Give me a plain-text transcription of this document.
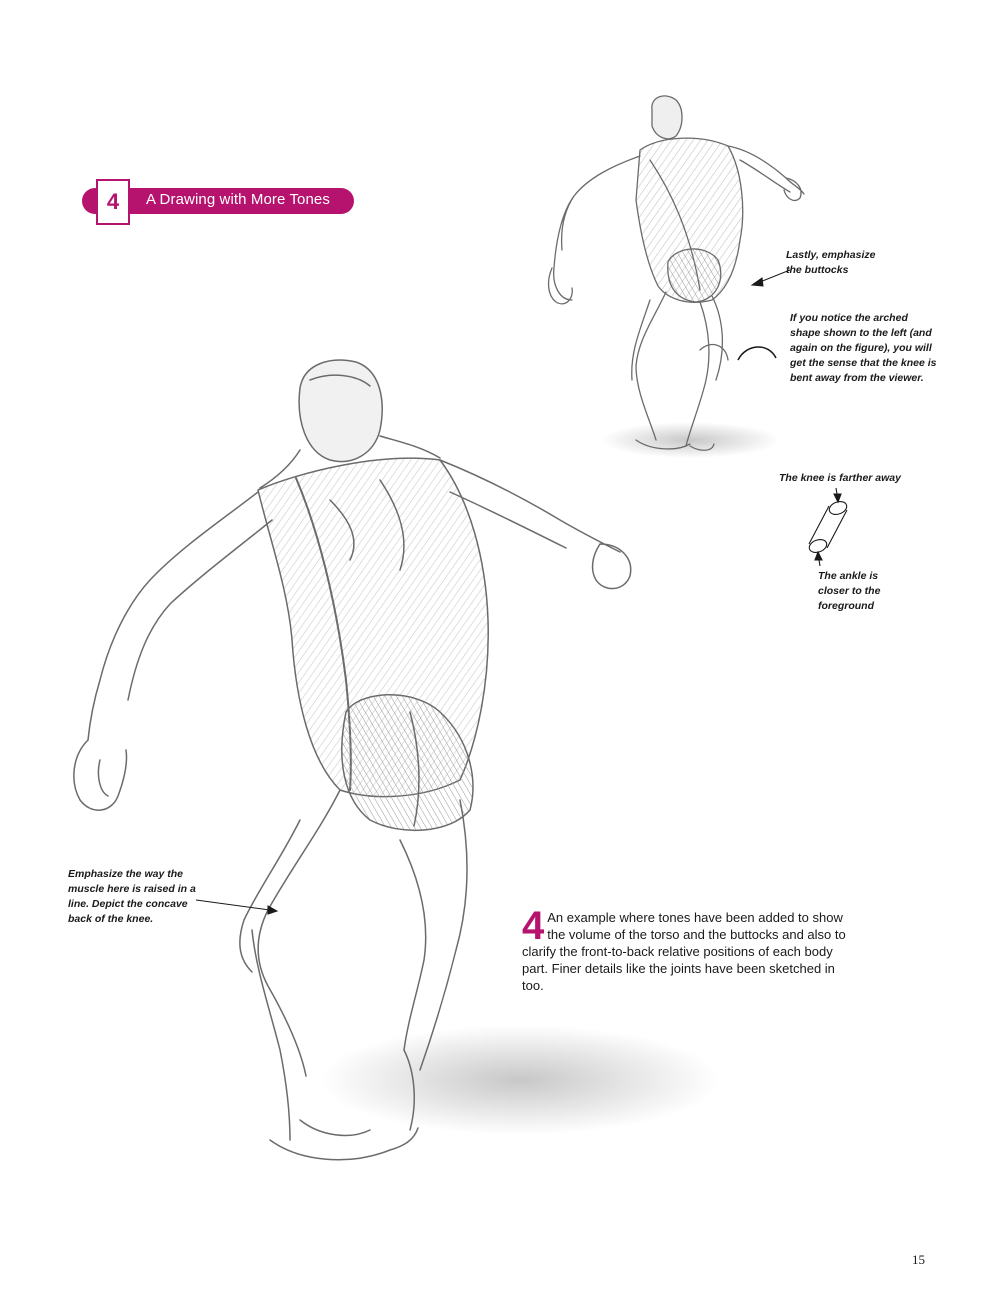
4 A Drawing with More Tones
Lastly, emphasize
the buttocks
If you notice the arched
shape shown to the left (and
again on the figure), you will
get the sense that the knee is
bent away from the viewer.
The knee is farther away
The ankle is
closer to the
foreground
Emphasize the way the
muscle here is raised in a
line. Depict the concave
back of the knee.	4 An example where tones have been added to show the volume of the torso and the buttocks and also to clarify the front-to-back relative positions of each body part. Finer details like the joints have been sketched in too.
15
